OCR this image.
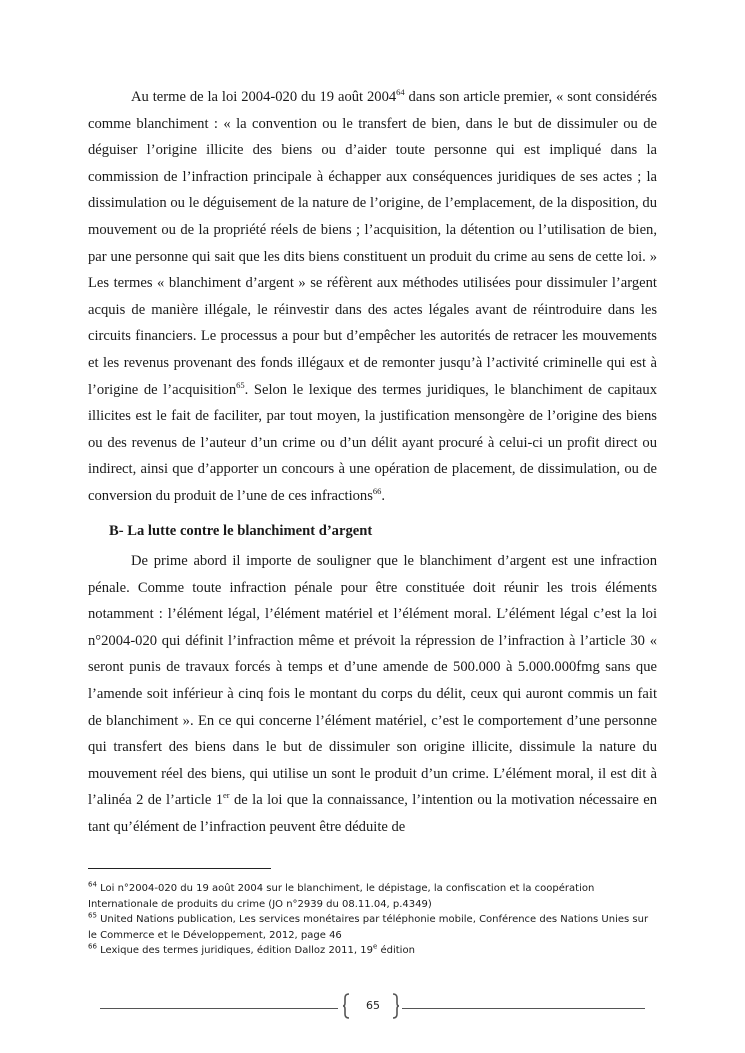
Au terme de la loi 2004-020 du 19 août 2004$^{64}$ dans son article premier, « sont considérés comme blanchiment : « la convention ou le transfert de bien, dans le but de dissimuler ou de déguiser l’origine illicite des biens ou d’aider toute personne qui est impliqué dans la commission de l’infraction principale à échapper aux conséquences juridiques de ses actes ; la dissimulation ou le déguisement de la nature de l’origine, de l’emplacement, de la disposition, du mouvement ou de la propriété réels de biens ; l’acquisition, la détention ou l’utilisation de bien, par une personne qui sait que les dits biens constituent un produit du crime au sens de cette loi. » Les termes « blanchiment d’argent » se réfèrent aux méthodes utilisées pour dissimuler l’argent acquis de manière illégale, le réinvestir dans des actes légales avant de réintroduire dans les circuits financiers. Le processus a pour but d’empêcher les autorités de retracer les mouvements et les revenus provenant des fonds illégaux et de remonter jusqu’à l’activité criminelle qui est à l’origine de l’acquisition$^{65}$. Selon le lexique des termes juridiques, le blanchiment de capitaux illicites est le fait de faciliter, par tout moyen, la justification mensongère de l’origine des biens ou des revenus de l’auteur d’un crime ou d’un délit ayant procuré à celui-ci un profit direct ou indirect, ainsi que d’apporter un concours à une opération de placement, de dissimulation, ou de conversion du produit de l’une de ces infractions$^{66}$.

B- La lutte contre le blanchiment d’argent

De prime abord il importe de souligner que le blanchiment d’argent est une infraction pénale. Comme toute infraction pénale pour être constituée doit réunir les trois éléments notamment : l’élément légal, l’élément matériel et l’élément moral. L’élément légal c’est la loi n°2004-020 qui définit l’infraction même et prévoit la répression de l’infraction à l’article 30 « seront punis de travaux forcés à temps et d’une amende de 500.000 à 5.000.000fmg sans que l’amende soit inférieur à cinq fois le montant du corps du délit, ceux qui auront commis un fait de blanchiment ». En ce qui concerne l’élément matériel, c’est le comportement d’une personne qui transfert des biens dans le but de dissimuler son origine illicite, dissimule la nature du mouvement réel des biens, qui utilise un sont le produit d’un crime. L’élément moral, il est dit à l’alinéa 2 de l’article 1er de la loi que la connaissance, l’intention ou la motivation nécessaire en tant qu’élément de l’infraction peuvent être déduite de

$^{64}$ Loi n°2004-020 du 19 août 2004 sur le blanchiment, le dépistage, la confiscation et la coopération Internationale de produits du crime (JO n°2939 du 08.11.04, p.4349)

$^{65}$ United Nations publication, Les services monétaires par téléphonie mobile, Conférence des Nations Unies sur le Commerce et le Développement, 2012, page 46

$^{66}$ Lexique des termes juridiques, édition Dalloz 2011, 19e édition

65
